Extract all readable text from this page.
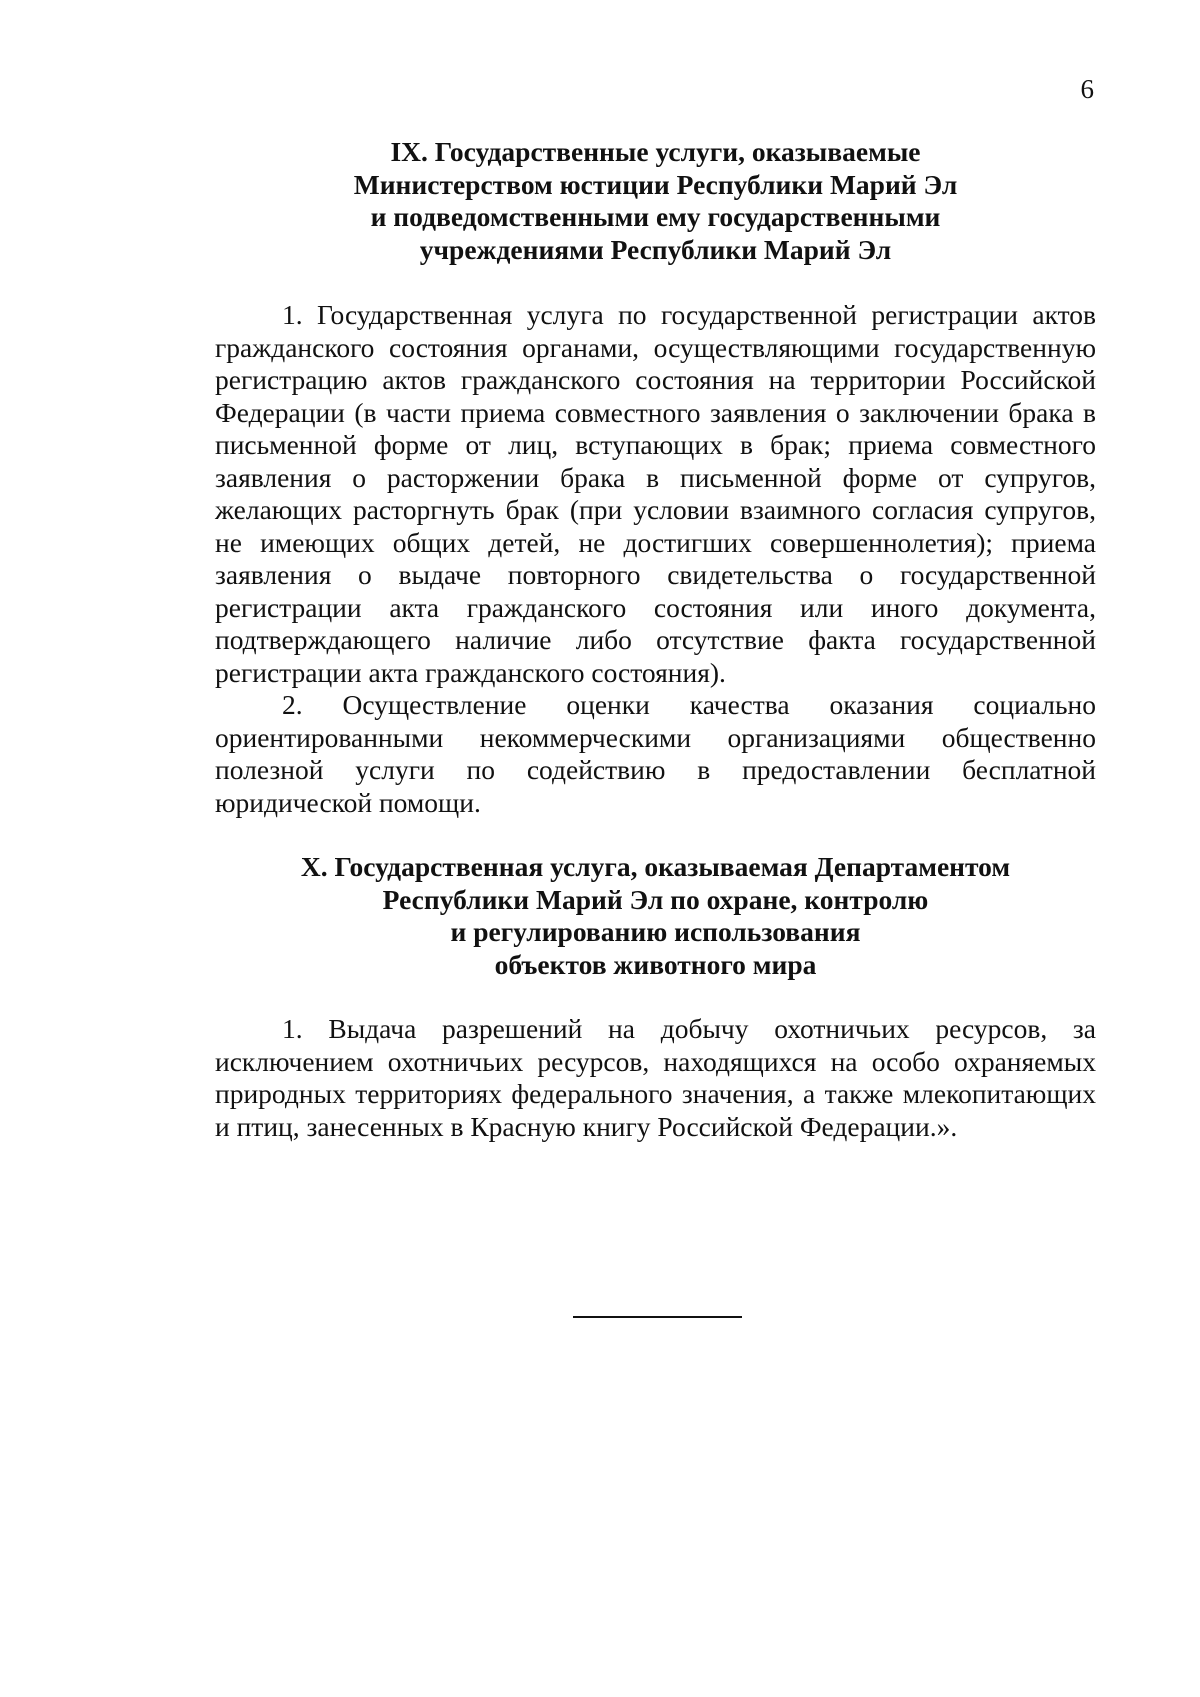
6
IX. Государственные услуги, оказываемые
Министерством юстиции Республики Марий Эл
и подведомственными ему государственными
учреждениями Республики Марий Эл

1. Государственная услуга по государственной регистрации актов гражданского состояния органами, осуществляющими государственную регистрацию актов гражданского состояния на территории Российской Федерации (в части приема совместного заявления о заключении брака в письменной форме от лиц, вступающих в брак; приема совместного заявления о расторжении брака в письменной форме от супругов, желающих расторгнуть брак (при условии взаимного согласия супругов, не имеющих общих детей, не достигших совершеннолетия); приема заявления о выдаче повторного свидетельства о государственной регистрации акта гражданского состояния или иного документа, подтверждающего наличие либо отсутствие факта государственной регистрации акта гражданского состояния).

2. Осуществление оценки качества оказания социально ориентированными некоммерческими организациями общественно полезной услуги по содействию в предоставлении бесплатной юридической помощи.

X. Государственная услуга, оказываемая Департаментом
Республики Марий Эл по охране, контролю
и регулированию использования
объектов животного мира

1. Выдача разрешений на добычу охотничьих ресурсов, за исключением охотничьих ресурсов, находящихся на особо охраняемых природных территориях федерального значения, а также млекопитающих и птиц, занесенных в Красную книгу Российской Федерации.».
